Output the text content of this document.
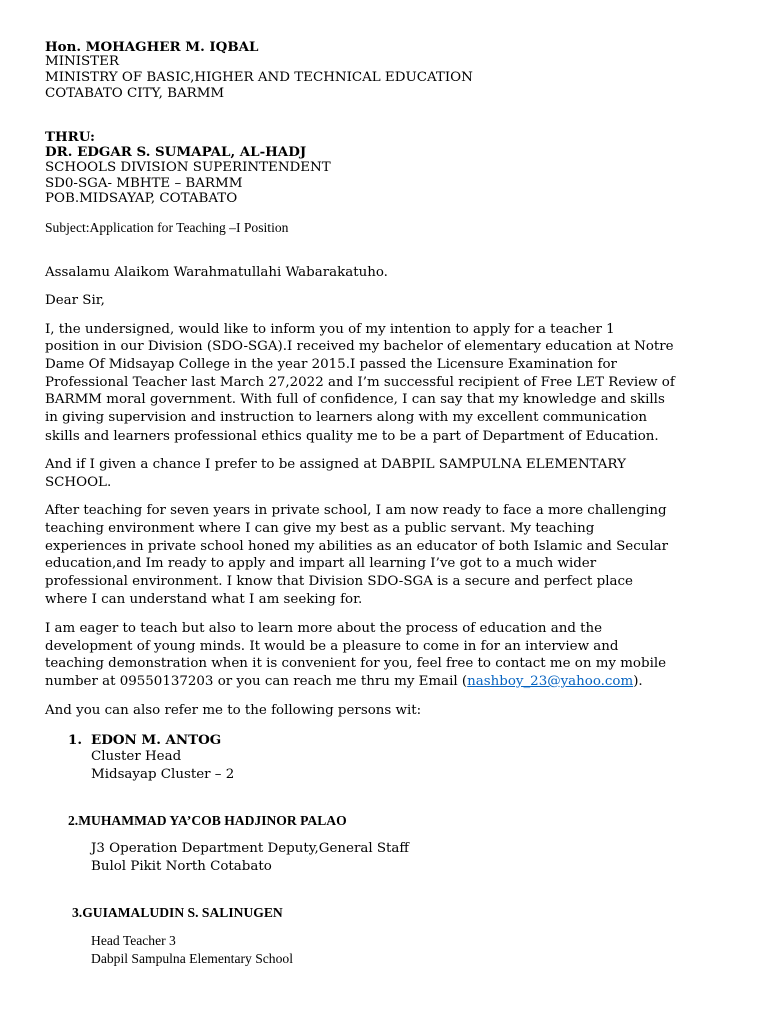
Hon. MOHAGHER M. IQBAL
MINISTER
MINISTRY OF BASIC,HIGHER AND TECHNICAL EDUCATION
COTABATO CITY, BARMM
THRU:
DR. EDGAR S. SUMAPAL, AL-HADJ
SCHOOLS DIVISION SUPERINTENDENT
SD0-SGA- MBHTE – BARMM
POB.MIDSAYAP, COTABATO
Subject:Application for Teaching –I Position
Assalamu Alaikom Warahmatullahi Wabarakatuho.
Dear Sir,
I, the undersigned, would like to inform you of my intention to apply for a teacher 1
position in our Division (SDO-SGA).I received my bachelor of elementary education at Notre
Dame Of Midsayap College in the year 2015.I passed the Licensure Examination for
Professional Teacher last March 27,2022 and I’m successful recipient of Free LET Review of
BARMM moral government. With full of confidence, I can say that my knowledge and skills
in giving supervision and instruction to learners along with my excellent communication
skills and learners professional ethics quality me to be a part of Department of Education.
And if I given a chance I prefer to be assigned at DABPIL SAMPULNA ELEMENTARY
SCHOOL.
After teaching for seven years in private school, I am now ready to face a more challenging
teaching environment where I can give my best as a public servant. My teaching
experiences in private school honed my abilities as an educator of both Islamic and Secular
education,and Im ready to apply and impart all learning I’ve got to a much wider
professional environment. I know that Division SDO-SGA is a secure and perfect place
where I can understand what I am seeking for.
I am eager to teach but also to learn more about the process of education and the
development of young minds. It would be a pleasure to come in for an interview and
teaching demonstration when it is convenient for you, feel free to contact me on my mobile
number at 09550137203 or you can reach me thru my Email (nashboy_23@yahoo.com).
And you can also refer me to the following persons wit:
1. EDON M. ANTOG
Cluster Head
Midsayap Cluster – 2
2.MUHAMMAD YA’COB HADJINOR PALAO
J3 Operation Department Deputy,General Staff
Bulol Pikit North Cotabato
3.GUIAMALUDIN S. SALINUGEN
Head Teacher 3
Dabpil Sampulna Elementary School
